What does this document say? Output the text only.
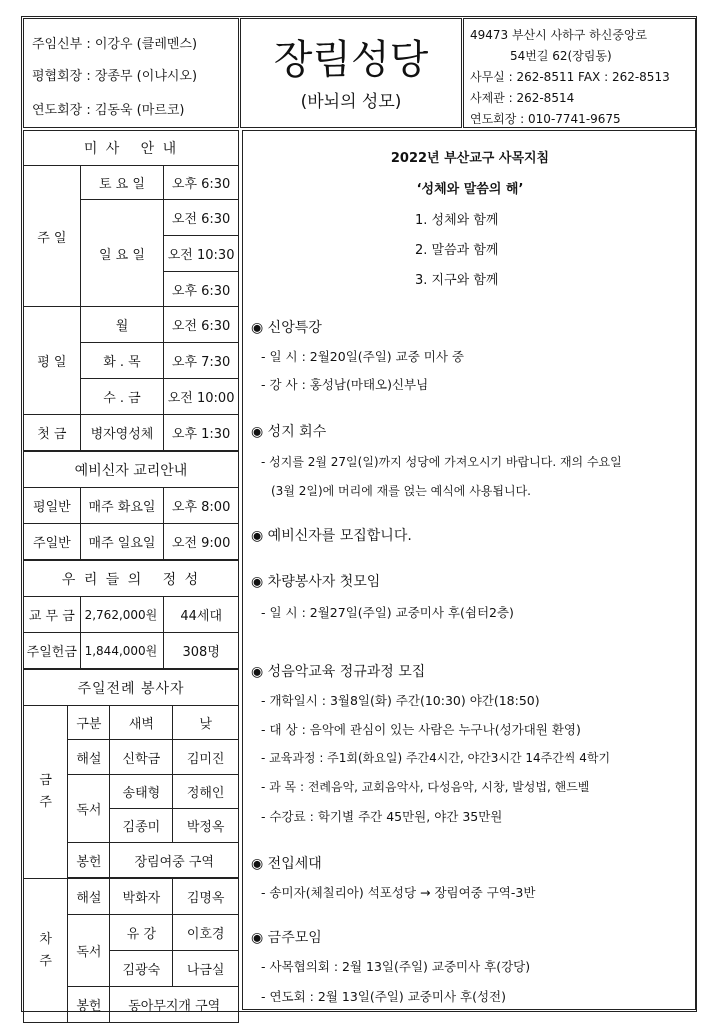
주임신부 : 이강우 (클레멘스)
평협회장 : 장종무 (이냐시오)
연도회장 : 김동욱 (마르코)
장림성당
(바뇌의 성모)
49473 부산시 사하구 하신중앙로
54번길 62(장림동)
사무실 : 262-8511 FAX : 262-8513
사제관 : 262-8514
연도회장 : 010-7741-9675
미 사   안 내		
주 일	토 요 일	오후 6:30
	일 요 일	오전 6:30
		오전 10:30
		오후 6:30
평 일	월	오전 6:30
	화 . 목	오후 7:30
	수 . 금	오전 10:00
첫 금	병자영성체	오후 1:30
예비신자 교리안내		
평일반	매주 화요일	오후 8:00
주일반	매주 일요일	오전 9:00
우 리 들 의   정 성		
교 무 금	2,762,000원	44세대
주일헌금	1,844,000원	308명
주일전례 봉사자			
금 주	구분	새벽	낮
	해설	신학금	김미진
	독서	송태형	정해인
		김종미	박정옥
	봉헌	장림여중 구역	

차 주	해설	박화자	김명옥
	독서	유 강	이호경
		김광숙	나금실
	봉헌	동아무지개 구역	
2022년 부산교구 사목지침
‘성체와 말씀의 해’
1. 성체와 함께
2. 말씀과 함께
3. 지구와 함께
◉ 신앙특강
- 일 시 : 2월20일(주일) 교중 미사 중
- 강 사 : 홍성남(마태오)신부님
◉ 성지 회수
- 성지를 2월 27일(일)까지 성당에 가져오시기 바랍니다. 재의 수요일
(3월 2일)에 머리에 재를 얹는 예식에 사용됩니다.
◉ 예비신자를 모집합니다.
◉ 차량봉사자 첫모임
- 일 시 : 2월27일(주일) 교중미사 후(쉼터2층)
◉ 성음악교육 정규과정 모집
- 개학일시 : 3월8일(화) 주간(10:30) 야간(18:50)
- 대 상 : 음악에 관심이 있는 사람은 누구나(성가대원 환영)
- 교육과정 : 주1회(화요일) 주간4시간, 야간3시간 14주간씩 4학기
- 과 목 : 전례음악, 교회음악사, 다성음악, 시창, 발성법, 핸드벨
- 수강료 : 학기별 주간 45만원, 야간 35만원
◉ 전입세대
- 송미자(체칠리아) 석포성당 → 장림여중 구역-3반
◉ 금주모임
- 사목협의회 : 2월 13일(주일) 교중미사 후(강당)
- 연도회 : 2월 13일(주일) 교중미사 후(성전)
